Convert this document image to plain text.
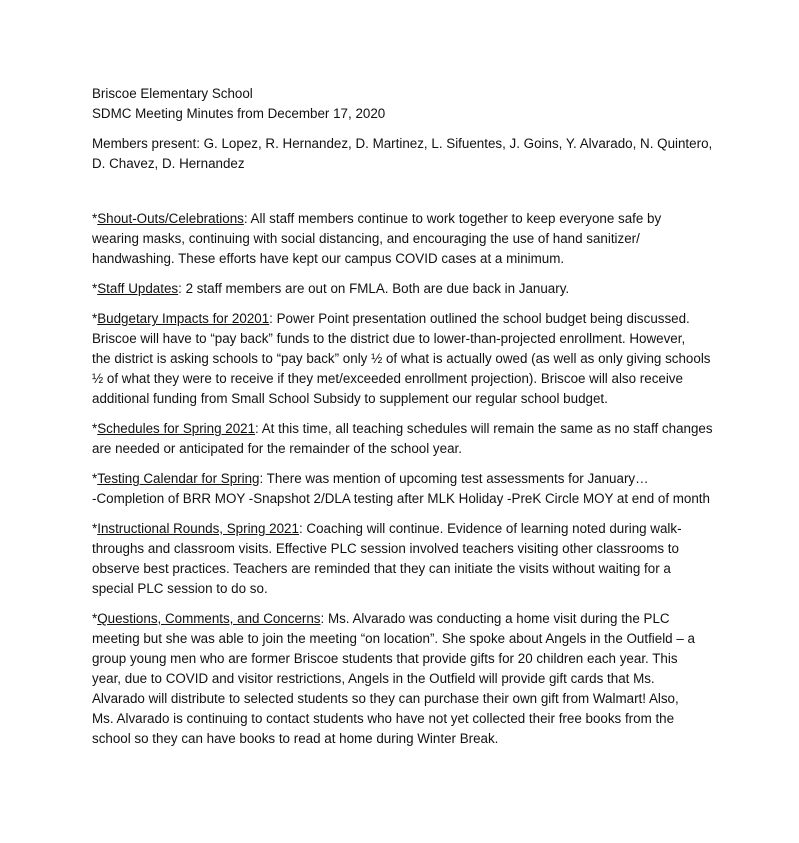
Briscoe Elementary School

SDMC Meeting Minutes from December 17, 2020

Members present: G. Lopez, R. Hernandez, D. Martinez, L. Sifuentes, J. Goins, Y. Alvarado, N. Quintero,

D. Chavez, D. Hernandez

*Shout-Outs/Celebrations: All staff members continue to work together to keep everyone safe by

wearing masks, continuing with social distancing, and encouraging the use of hand sanitizer/

handwashing. These efforts have kept our campus COVID cases at a minimum.

*Staff Updates: 2 staff members are out on FMLA. Both are due back in January.

*Budgetary Impacts for 20201: Power Point presentation outlined the school budget being discussed.

Briscoe will have to “pay back” funds to the district due to lower-than-projected enrollment. However,

the district is asking schools to “pay back” only ½ of what is actually owed (as well as only giving schools

½ of what they were to receive if they met/exceeded enrollment projection). Briscoe will also receive

additional funding from Small School Subsidy to supplement our regular school budget.

*Schedules for Spring 2021: At this time, all teaching schedules will remain the same as no staff changes

are needed or anticipated for the remainder of the school year.

*Testing Calendar for Spring: There was mention of upcoming test assessments for January…

-Completion of BRR MOY -Snapshot 2/DLA testing after MLK Holiday -PreK Circle MOY at end of month

*Instructional Rounds, Spring 2021: Coaching will continue. Evidence of learning noted during walk-

throughs and classroom visits. Effective PLC session involved teachers visiting other classrooms to

observe best practices. Teachers are reminded that they can initiate the visits without waiting for a

special PLC session to do so.

*Questions, Comments, and Concerns: Ms. Alvarado was conducting a home visit during the PLC

meeting but she was able to join the meeting “on location”. She spoke about Angels in the Outfield – a

group young men who are former Briscoe students that provide gifts for 20 children each year. This

year, due to COVID and visitor restrictions, Angels in the Outfield will provide gift cards that Ms.

Alvarado will distribute to selected students so they can purchase their own gift from Walmart! Also,

Ms. Alvarado is continuing to contact students who have not yet collected their free books from the

school so they can have books to read at home during Winter Break.
